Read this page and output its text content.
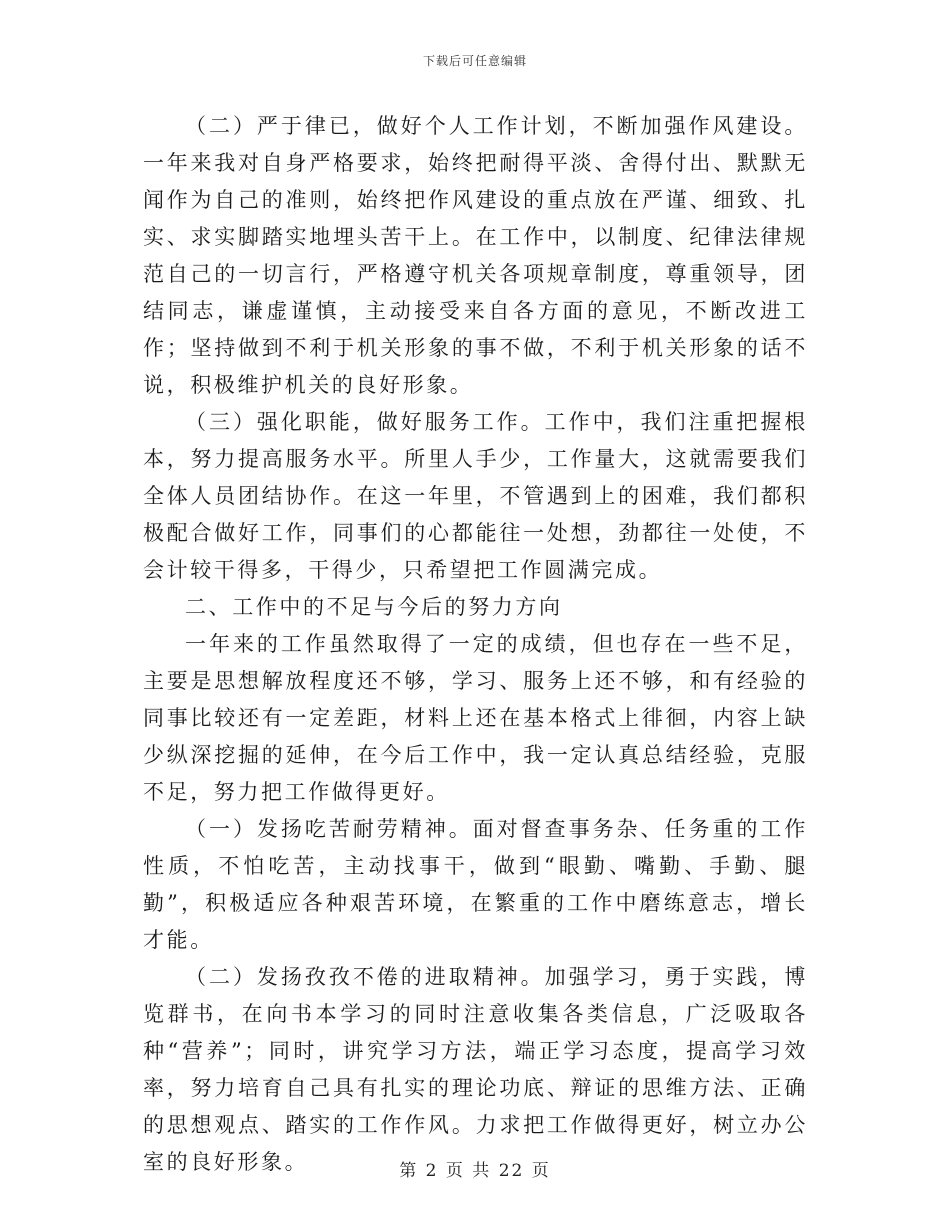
下载后可任意编辑

（二）严于律已，做好个人工作计划，不断加强作风建设。一年来我对自身严格要求，始终把耐得平淡、舍得付出、默默无闻作为自己的准则，始终把作风建设的重点放在严谨、细致、扎实、求实脚踏实地埋头苦干上。在工作中，以制度、纪律法律规范自己的一切言行，严格遵守机关各项规章制度，尊重领导，团结同志，谦虚谨慎，主动接受来自各方面的意见，不断改进工作；坚持做到不利于机关形象的事不做，不利于机关形象的话不说，积极维护机关的良好形象。

（三）强化职能，做好服务工作。工作中，我们注重把握根本，努力提高服务水平。所里人手少，工作量大，这就需要我们全体人员团结协作。在这一年里，不管遇到上的困难，我们都积极配合做好工作，同事们的心都能往一处想，劲都往一处使，不会计较干得多，干得少，只希望把工作圆满完成。

二、工作中的不足与今后的努力方向

一年来的工作虽然取得了一定的成绩，但也存在一些不足，主要是思想解放程度还不够，学习、服务上还不够，和有经验的同事比较还有一定差距，材料上还在基本格式上徘徊，内容上缺少纵深挖掘的延伸，在今后工作中，我一定认真总结经验，克服不足，努力把工作做得更好。

（一）发扬吃苦耐劳精神。面对督查事务杂、任务重的工作性质，不怕吃苦，主动找事干，做到“眼勤、嘴勤、手勤、腿勤”，积极适应各种艰苦环境，在繁重的工作中磨练意志，增长才能。

（二）发扬孜孜不倦的进取精神。加强学习，勇于实践，博览群书，在向书本学习的同时注意收集各类信息，广泛吸取各种“营养”；同时，讲究学习方法，端正学习态度，提高学习效率，努力培育自己具有扎实的理论功底、辩证的思维方法、正确的思想观点、踏实的工作作风。力求把工作做得更好，树立办公室的良好形象。	第 2 页 共 22 页
